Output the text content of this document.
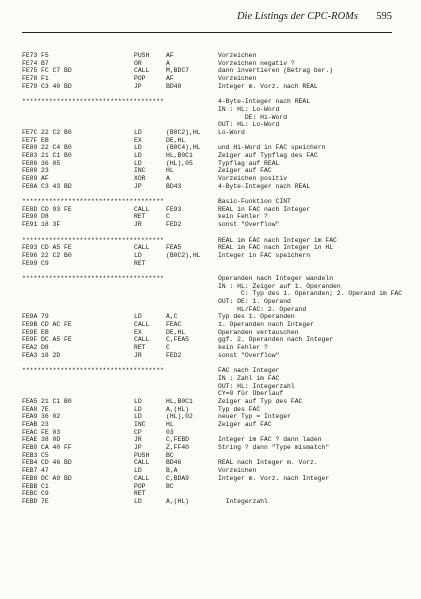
Die Listings der CPC-ROMs 595
FE73 F5	PUSH	AF	Vorzeichen
FE74 B7	OR	A	Vorzeichen negativ ?
FE75 FC C7 BD	CALL	M,BDC7	dann invertieren (Betrag ber.)
FE78 F1	POP	AF	Vorzeichen
FE79 C3 40 BD	JP	BD40	Integer m. Vorz. nach REAL
*************************************	4-Byte-Integer nach REAL
IN : HL: Lo-Word
DE: Hi-Word
OUT: HL: Lo-Word
FE7C 22 C2 B0	LD	(B0C2),HL	Lo-Word
FE7F EB	EX	DE,HL
FE80 22 C4 B0	LD	(B0C4),HL	und Hi-Word in FAC speichern
FE83 21 C1 B0	LD	HL,B0C1	Zeiger auf Typflag des FAC
FE86 36 05	LD	(HL),05	Typflag auf REAL
FE88 23	INC	HL	Zeiger auf FAC
FE89 AF	XOR	A	Vorzeichen positiv
FE8A C3 43 BD	JP	BD43	4-Byte-Integer nach REAL
*************************************	Basic-Funktion CINT
FE8D CD 93 FE	CALL	FE93	REAL in FAC nach Integer
FE90 D8	RET	C	kein Fehler ?
FE91 18 3F	JR	FED2	sonst "Overflow"
*************************************	REAL im FAC nach Integer im FAC
FE93 CD A5 FE	CALL	FEA5	REAL im FAC nach Integer in HL
FE96 22 C2 B0	LD	(B0C2),HL	Integer in FAC speichern
FE99 C9	RET
*************************************	Operanden nach Integer wandeln
IN : HL: Zeiger auf 1. Operanden
C: Typ des 1. Operanden; 2. Operand im FAC
OUT: DE: 1. Operand
HL/FAC: 2. Operand
FE9A 79	LD	A,C	Typ des 1. Operanden
FE9B CD AC FE	CALL	FEAC	1. Operanden nach Integer
FE9E EB	EX	DE,HL	Operanden vertauschen
FE9F DC A5 FE	CALL	C,FEA5	ggf. 2. Operanden nach Integer
FEA2 D8	RET	C	kein Fehler ?
FEA3 18 2D	JR	FED2	sonst "Overflow"
*************************************	FAC nach Integer
IN : Zahl im FAC
OUT: HL: Integerzahl
CY=0 für Überlauf
FEA5 21 C1 B0	LD	HL,B0C1	Zeiger auf Typ des FAC
FEA8 7E	LD	A,(HL)	Typ des FAC
FEA9 36 02	LD	(HL),02	neuer Typ = Integer
FEAB 23	INC	HL	Zeiger auf FAC
FEAC FE 03	CP	03
FEAE 38 0D	JR	C,FEBD	Integer im FAC ? dann laden
FEB0 CA 40 FF	JP	Z,FF40	String ? dann "Type mismatch"
FEB3 C5	PUSH	BC
FEB4 CD 46 BD	CALL	BD46	REAL nach Integer m. Vorz.
FEB7 47	LD	B,A	Vorzeichen
FEB8 DC A9 BD	CALL	C,BDA9	Integer m. Vorz. nach Integer
FEBB C1	POP	BC
FEBC C9	RET
FEBD 7E	LD	A,(HL)	Integerzahl
